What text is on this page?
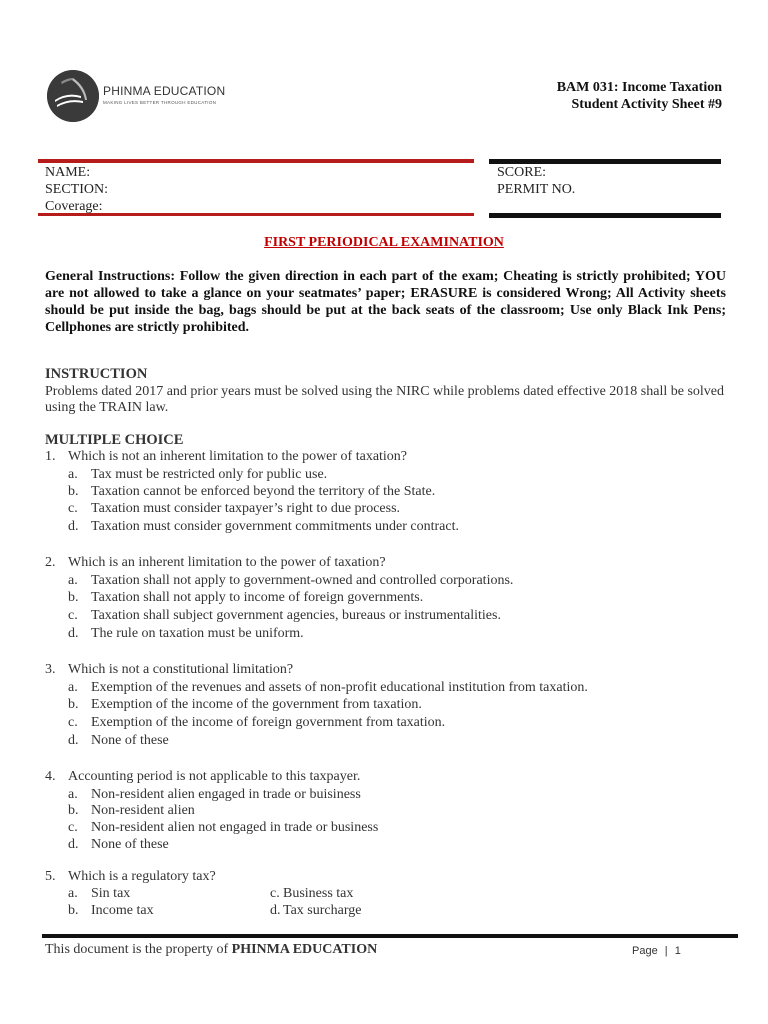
PHINMA EDUCATION
MAKING LIVES BETTER THROUGH EDUCATION
BAM 031: Income Taxation
Student Activity Sheet #9
NAME:
SECTION:
Coverage:
SCORE:
PERMIT NO.
FIRST PERIODICAL EXAMINATION
General Instructions: Follow the given direction in each part of the exam; Cheating is strictly prohibited; YOU are not allowed to take a glance on your seatmates’ paper; ERASURE is considered Wrong; All Activity sheets should be put inside the bag, bags should be put at the back seats of the classroom; Use only Black Ink Pens; Cellphones are strictly prohibited.
INSTRUCTION
Problems dated 2017 and prior years must be solved using the NIRC while problems dated effective 2018 shall be solved using the TRAIN law.
MULTIPLE CHOICE
1. Which is not an inherent limitation to the power of taxation?
a. Tax must be restricted only for public use.
b. Taxation cannot be enforced beyond the territory of the State.
c. Taxation must consider taxpayer’s right to due process.
d. Taxation must consider government commitments under contract.
2. Which is an inherent limitation to the power of taxation?
a. Taxation shall not apply to government-owned and controlled corporations.
b. Taxation shall not apply to income of foreign governments.
c. Taxation shall subject government agencies, bureaus or instrumentalities.
d. The rule on taxation must be uniform.
3. Which is not a constitutional limitation?
a. Exemption of the revenues and assets of non-profit educational institution from taxation.
b. Exemption of the income of the government from taxation.
c. Exemption of the income of foreign government from taxation.
d. None of these
4. Accounting period is not applicable to this taxpayer.
a. Non-resident alien engaged in trade or buisiness
b. Non-resident alien
c. Non-resident alien not engaged in trade or business
d. None of these
5. Which is a regulatory tax?
a. Sin tax
b. Income tax
c. Business tax
d. Tax surcharge
This document is the property of PHINMA EDUCATION	Page | 1
